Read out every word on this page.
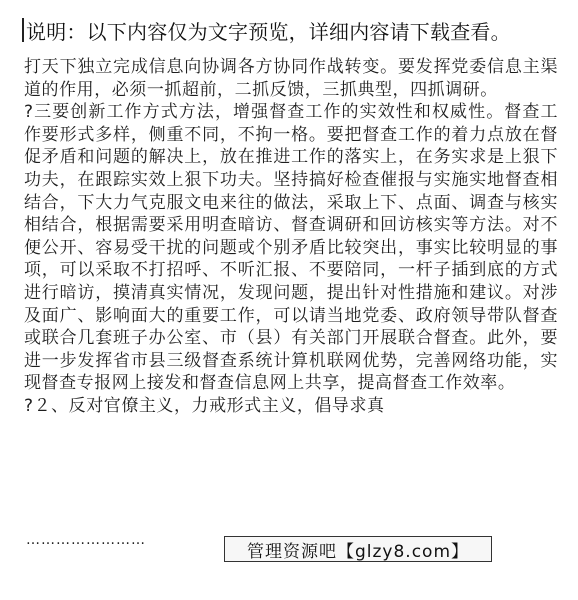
说明：以下内容仅为文字预览，详细内容请下载查看。

打天下独立完成信息向协调各方协同作战转变。要发挥党委信息主渠道的作用，必须一抓超前，二抓反馈，三抓典型，四抓调研。

?三要创新工作方式方法，增强督查工作的实效性和权威性。督查工作要形式多样，侧重不同，不拘一格。要把督查工作的着力点放在督促矛盾和问题的解决上，放在推进工作的落实上，在务实求是上狠下功夫，在跟踪实效上狠下功夫。坚持搞好检查催报与实施实地督查相结合，下大力气克服文电来往的做法，采取上下、点面、调查与核实相结合，根据需要采用明查暗访、督查调研和回访核实等方法。对不便公开、容易受干扰的问题或个别矛盾比较突出，事实比较明显的事项，可以采取不打招呼、不听汇报、不要陪同，一杆子插到底的方式进行暗访，摸清真实情况，发现问题，提出针对性措施和建议。对涉及面广、影响面大的重要工作，可以请当地党委、政府领导带队督查或联合几套班子办公室、市（县）有关部门开展联合督查。此外，要进一步发挥省市县三级督查系统计算机联网优势，完善网络功能，实现督查专报网上接发和督查信息网上共享，提高督查工作效率。

?２、反对官僚主义，力戒形式主义，倡导求真

……………………
管理资源吧【glzy8.com】
